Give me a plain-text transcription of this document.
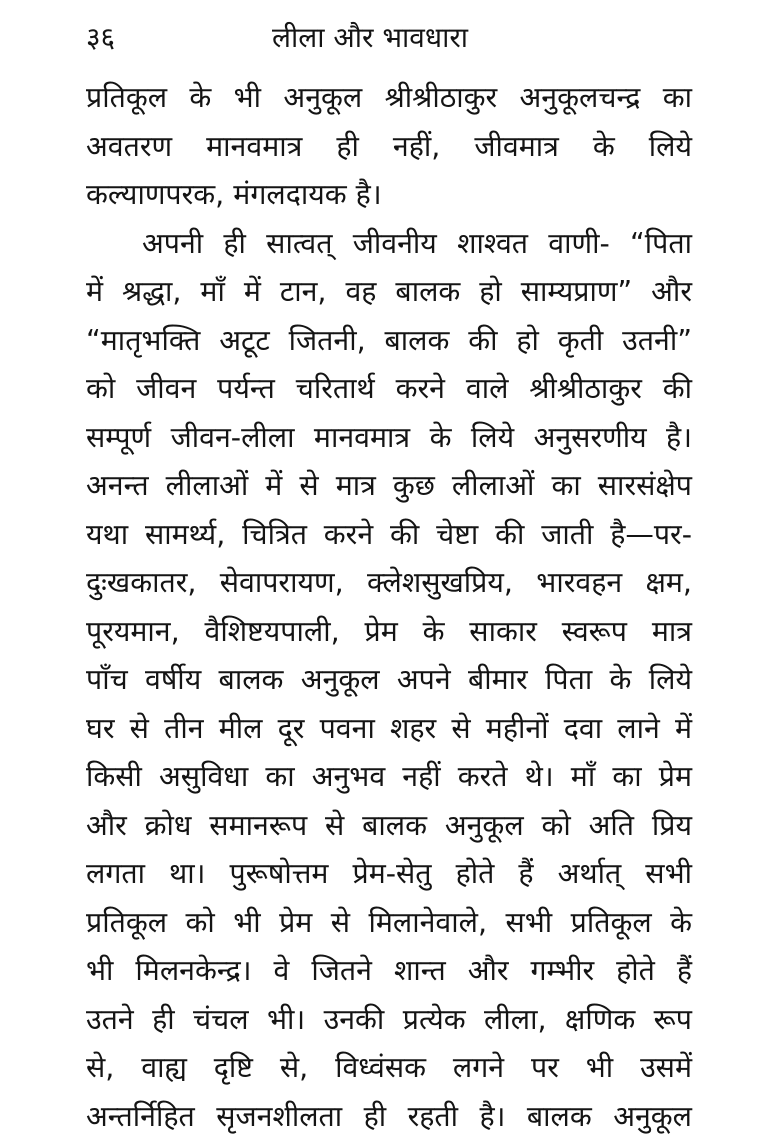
३६	लीला और भावधारा
प्रतिकूल के भी अनुकूल श्रीश्रीठाकुर अनुकूलचन्द्र का
अवतरण मानवमात्र ही नहीं, जीवमात्र के लिये
कल्याणपरक, मंगलदायक है।
अपनी ही सात्वत् जीवनीय शाश्वत वाणी- “पिता
में श्रद्धा, माँ में टान, वह बालक हो साम्यप्राण” और
“मातृभक्ति अटूट जितनी, बालक की हो कृती उतनी”
को जीवन पर्यन्त चरितार्थ करने वाले श्रीश्रीठाकुर की
सम्पूर्ण जीवन-लीला मानवमात्र के लिये अनुसरणीय है।
अनन्त लीलाओं में से मात्र कुछ लीलाओं का सारसंक्षेप
यथा सामर्थ्य, चित्रित करने की चेष्टा की जाती है—पर-
दुःखकातर, सेवापरायण, क्लेशसुखप्रिय, भारवहन क्षम,
पूरयमान, वैशिष्टयपाली, प्रेम के साकार स्वरूप मात्र
पाँच वर्षीय बालक अनुकूल अपने बीमार पिता के लिये
घर से तीन मील दूर पवना शहर से महीनों दवा लाने में
किसी असुविधा का अनुभव नहीं करते थे। माँ का प्रेम
और क्रोध समानरूप से बालक अनुकूल को अति प्रिय
लगता था। पुरूषोत्तम प्रेम-सेतु होते हैं अर्थात् सभी
प्रतिकूल को भी प्रेम से मिलानेवाले, सभी प्रतिकूल के
भी मिलनकेन्द्र। वे जितने शान्त और गम्भीर होते हैं
उतने ही चंचल भी। उनकी प्रत्येक लीला, क्षणिक रूप
से, वाह्य दृष्टि से, विध्वंसक लगने पर भी उसमें
अन्तर्निहित सृजनशीलता ही रहती है। बालक अनुकूल
